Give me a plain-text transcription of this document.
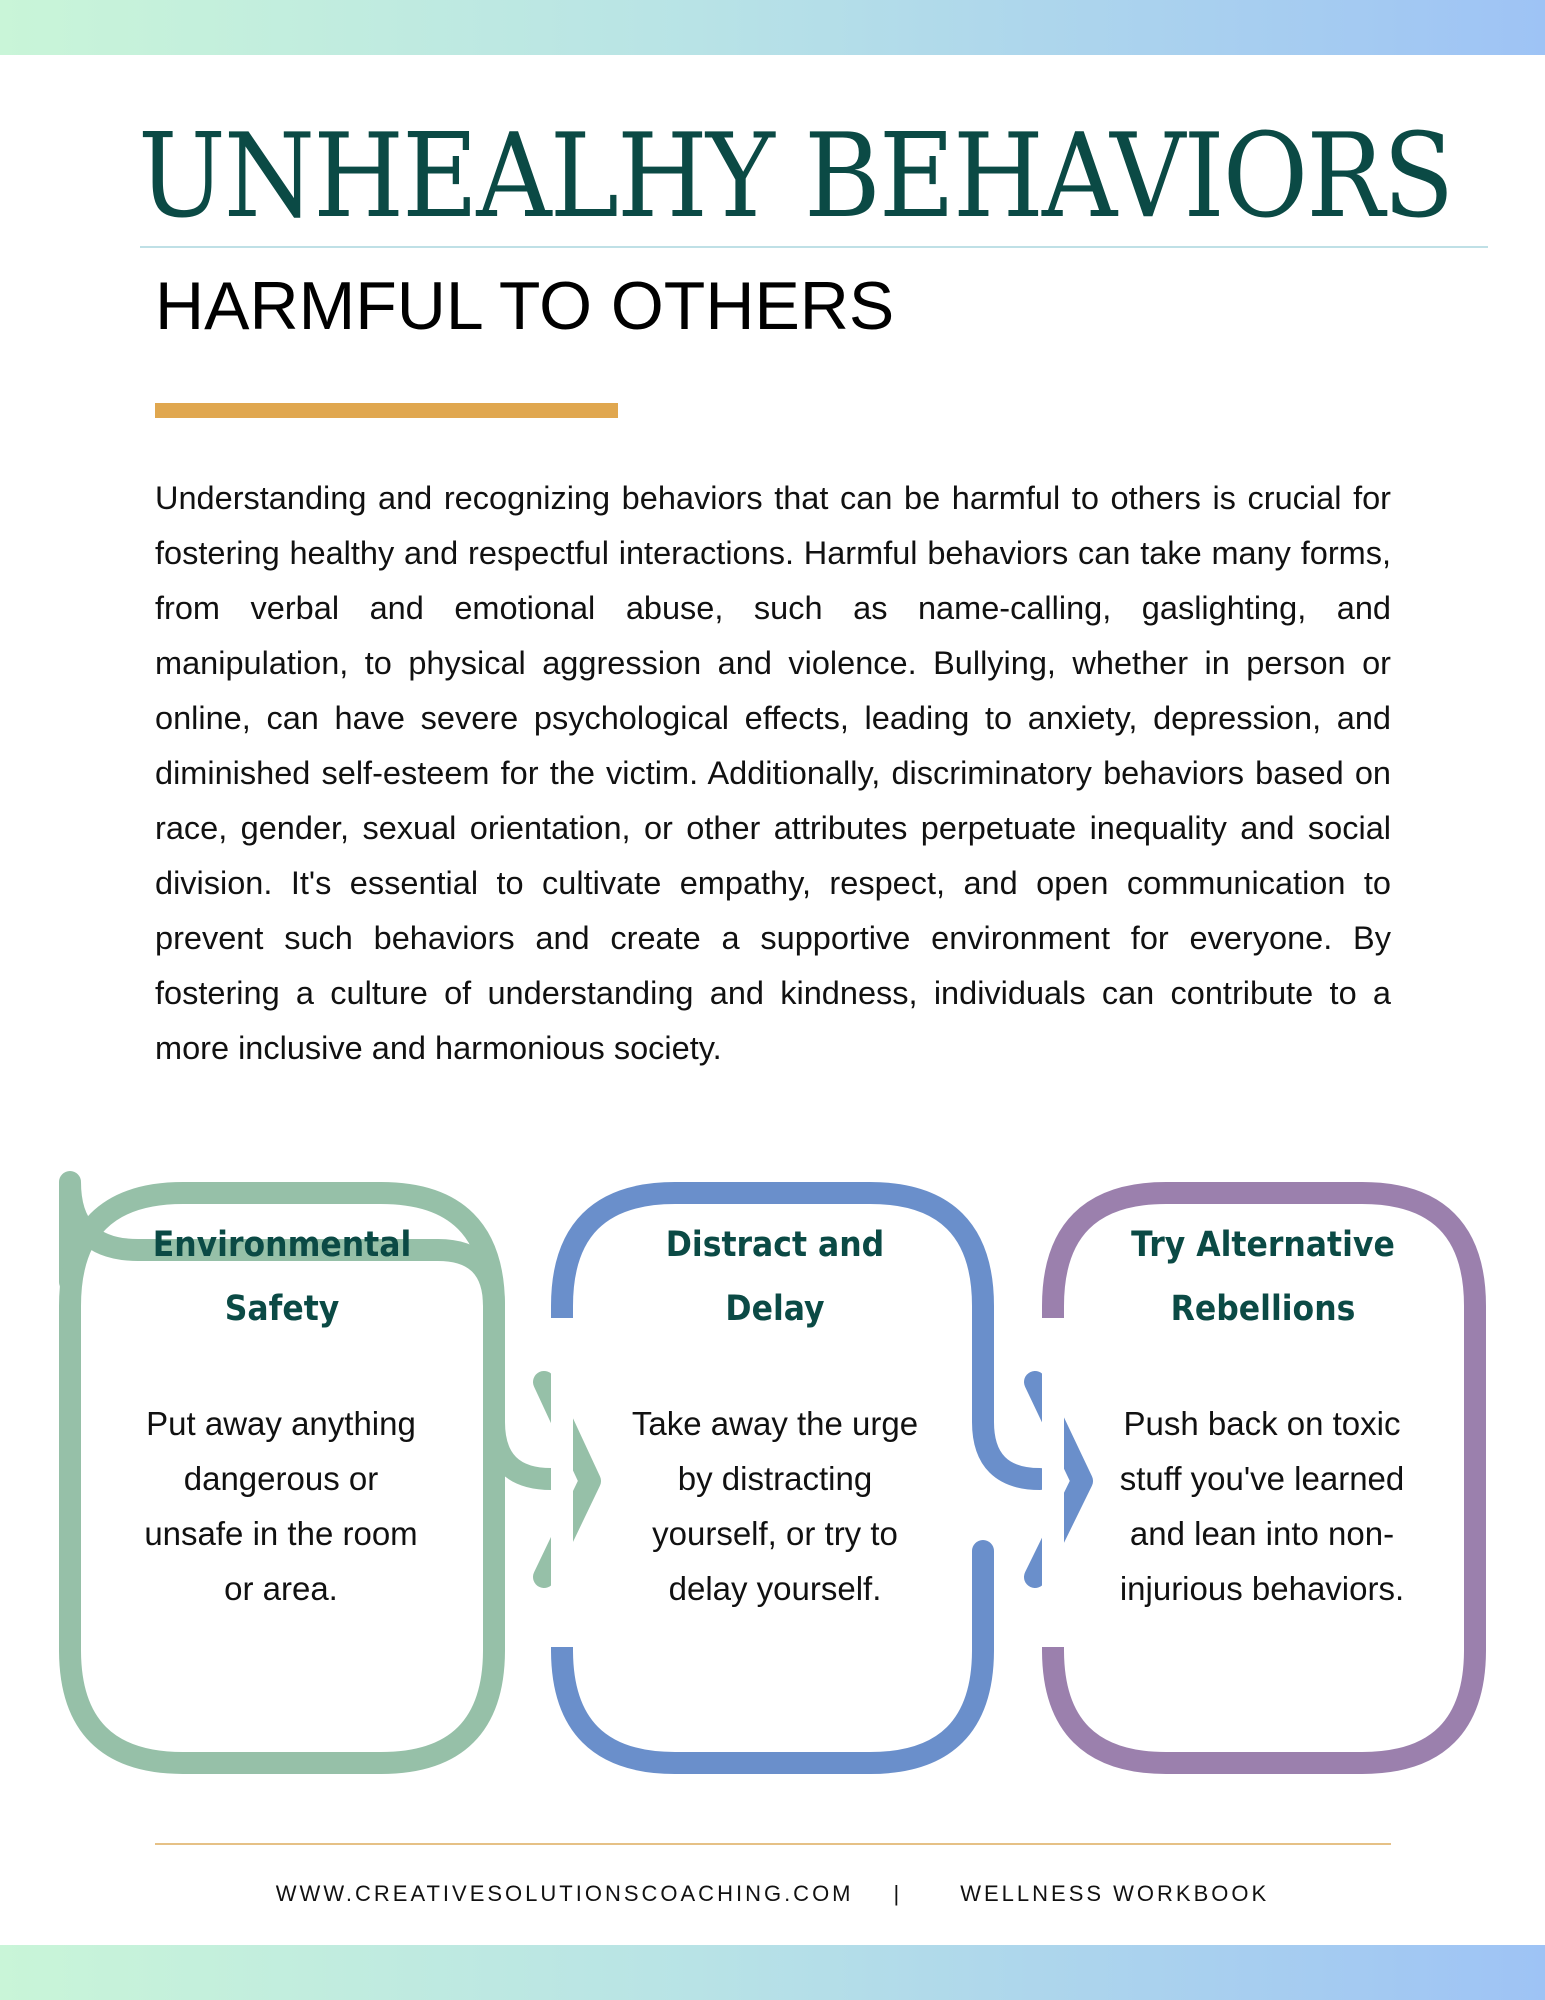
UNHEALHY BEHAVIORS
HARMFUL TO OTHERS

Understanding and recognizing behaviors that can be harmful to others is crucial for fostering healthy and respectful interactions. Harmful behaviors can take many forms, from verbal and emotional abuse, such as name-calling, gaslighting, and manipulation, to physical aggression and violence. Bullying, whether in person or online, can have severe psychological effects, leading to anxiety, depression, and diminished self-esteem for the victim. Additionally, discriminatory behaviors based on race, gender, sexual orientation, or other attributes perpetuate inequality and social division. It's essential to cultivate empathy, respect, and open communication to prevent such behaviors and create a supportive environment for everyone. By fostering a culture of understanding and kindness, individuals can contribute to a more inclusive and harmonious society.

Environmental
Safety

Put away anything dangerous or unsafe in the room or area.

Distract and
Delay

Take away the urge by distracting yourself, or try to delay yourself.

Try Alternative
Rebellions

Push back on toxic stuff you've learned and lean into non-injurious behaviors.

WWW.CREATIVESOLUTIONSCOACHING.COM |	WELLNESS WORKBOOK
